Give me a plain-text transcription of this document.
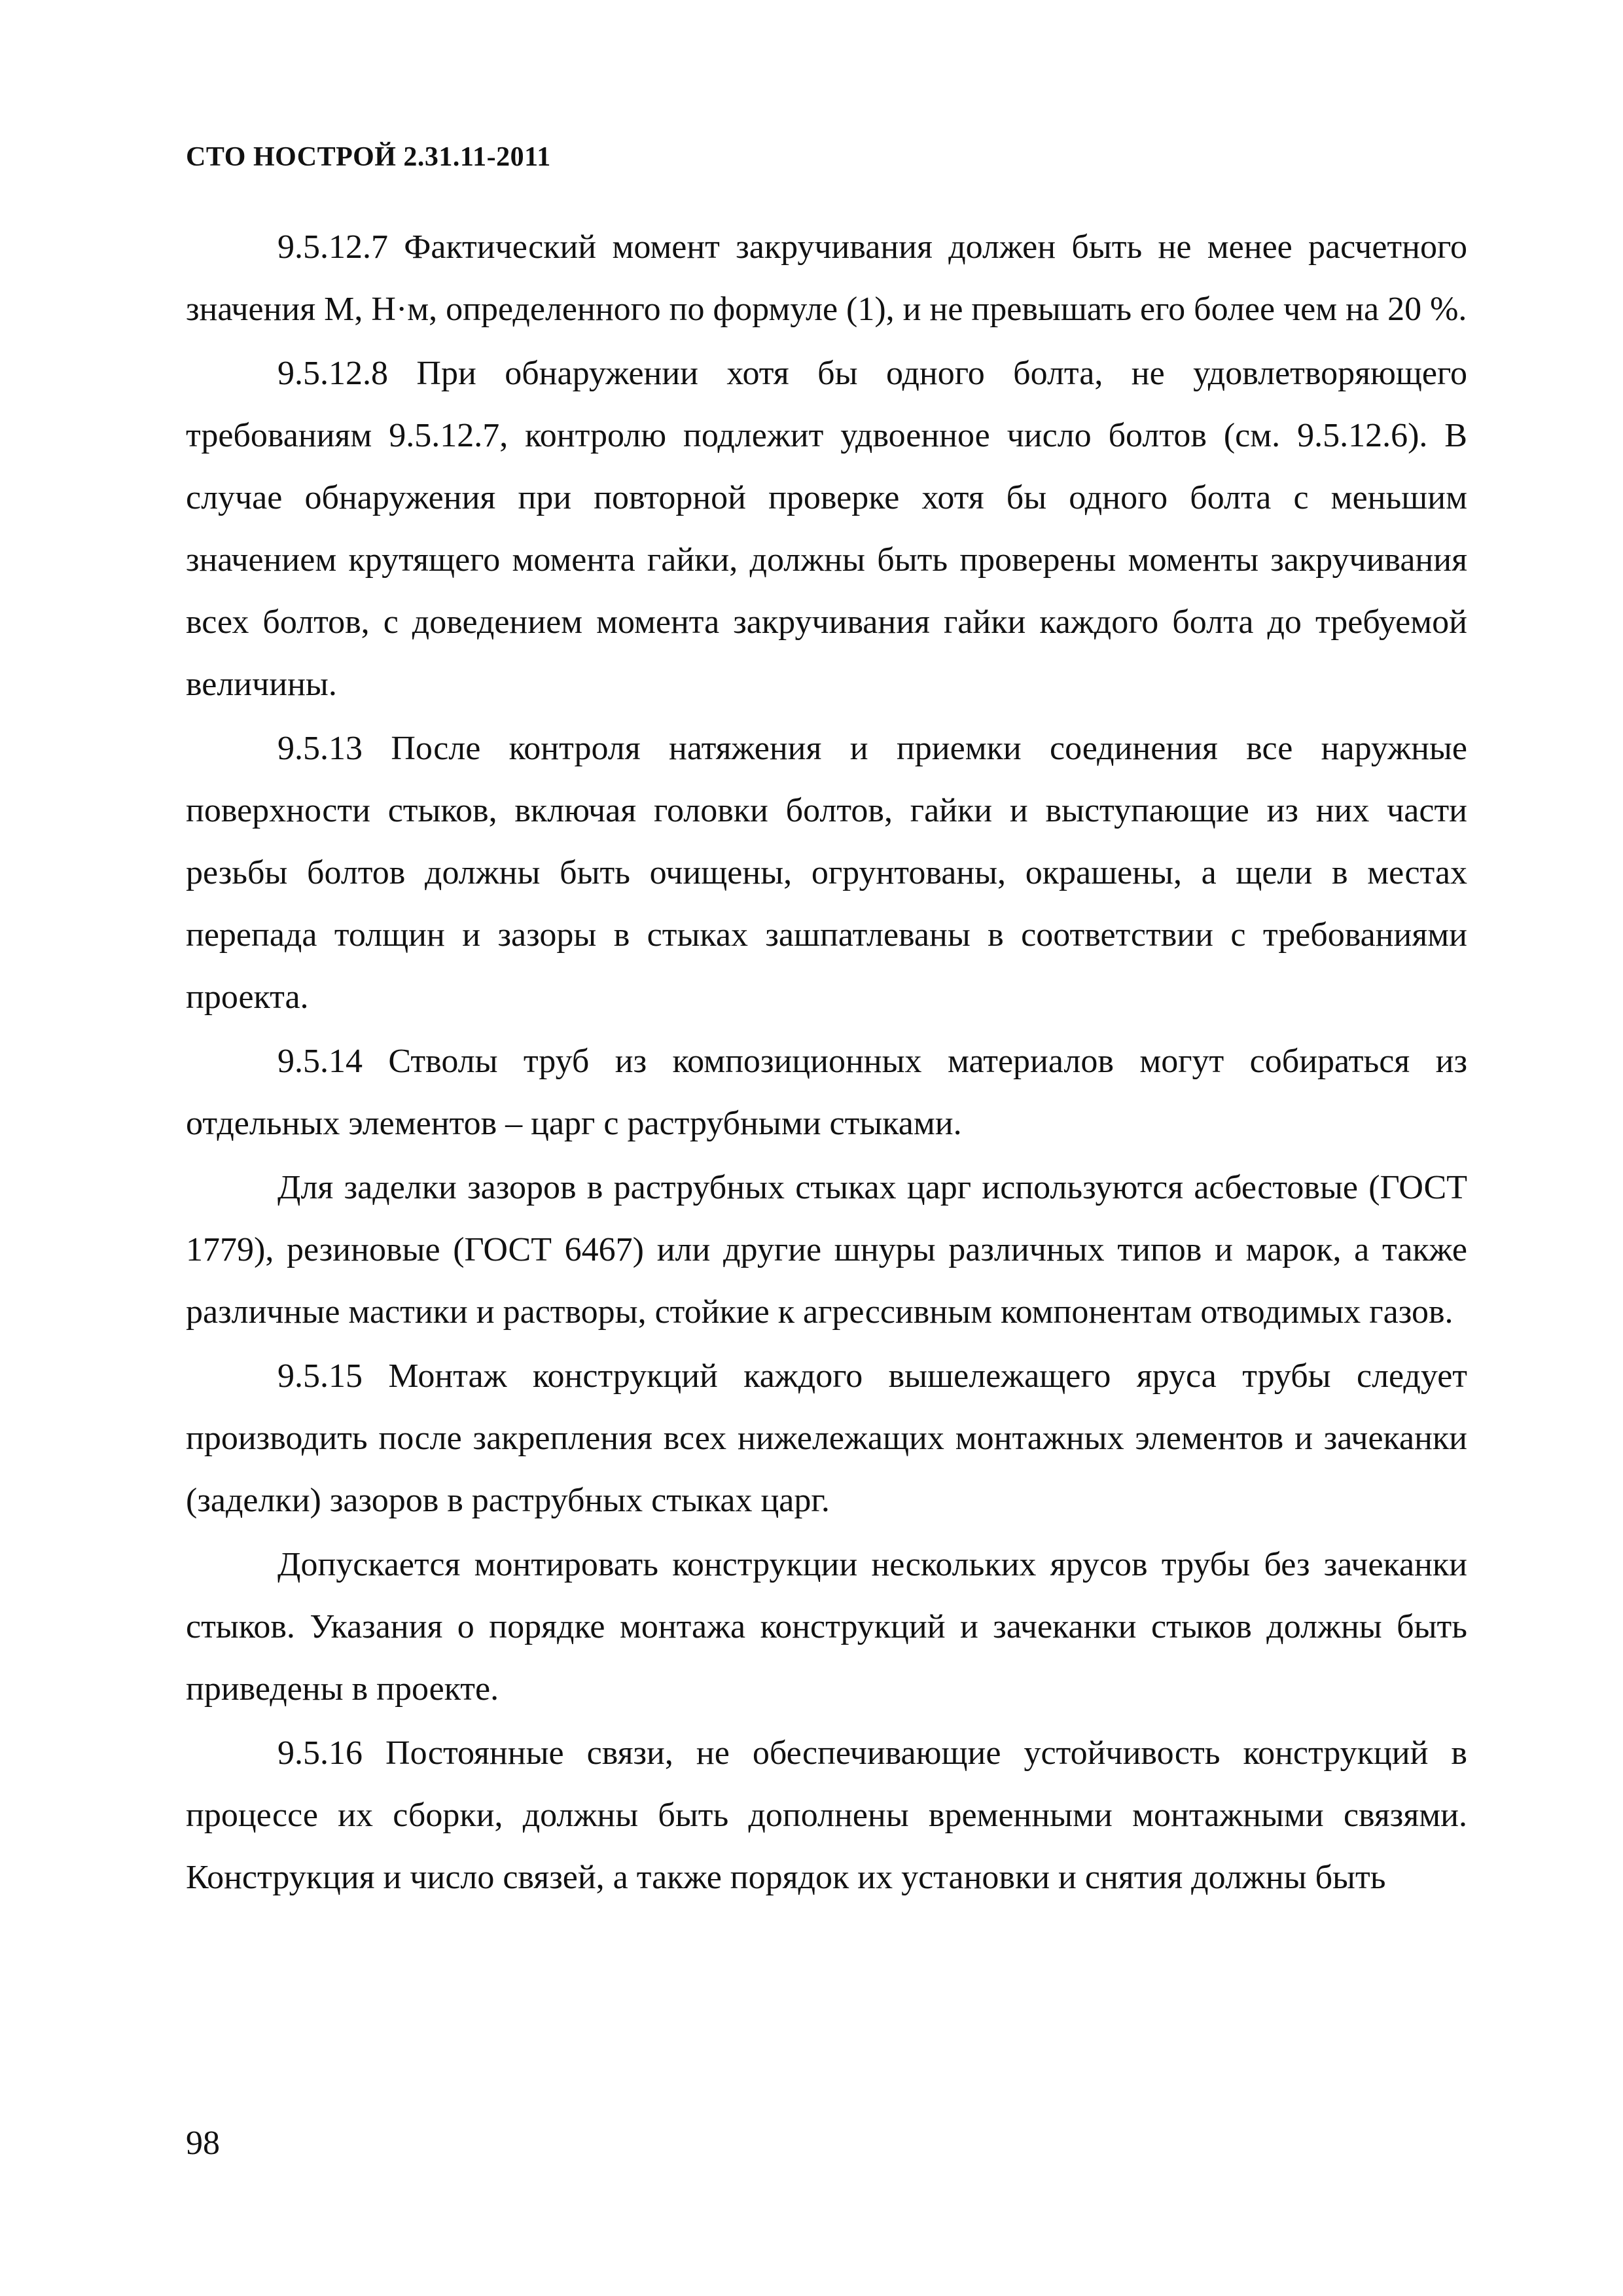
СТО НОСТРОЙ 2.31.11-2011

9.5.12.7 Фактический момент закручивания должен быть не менее расчетного значения М, Н·м, определенного по формуле (1), и не превышать его более чем на 20 %.

9.5.12.8 При обнаружении хотя бы одного болта, не удовлетворяющего требованиям 9.5.12.7, контролю подлежит удвоенное число болтов (см. 9.5.12.6). В случае обнаружения при повторной проверке хотя бы одного болта с меньшим значением крутящего момента гайки, должны быть проверены моменты закручивания всех болтов, с доведением момента закручивания гайки каждого болта до требуемой величины.

9.5.13 После контроля натяжения и приемки соединения все наружные поверхности стыков, включая головки болтов, гайки и выступающие из них части резьбы болтов должны быть очищены, огрунтованы, окрашены, а щели в местах перепада толщин и зазоры в стыках зашпатлеваны в соответствии с требованиями проекта.

9.5.14 Стволы труб из композиционных материалов могут собираться из отдельных элементов – царг с раструбными стыками.

Для заделки зазоров в раструбных стыках царг используются асбестовые (ГОСТ 1779), резиновые (ГОСТ 6467) или другие шнуры различных типов и марок, а также различные мастики и растворы, стойкие к агрессивным компонентам отводимых газов.

9.5.15 Монтаж конструкций каждого вышележащего яруса трубы следует производить после закрепления всех нижележащих монтажных элементов и зачеканки (заделки) зазоров в раструбных стыках царг.

Допускается монтировать конструкции нескольких ярусов трубы без зачеканки стыков. Указания о порядке монтажа конструкций и зачеканки стыков должны быть приведены в проекте.

9.5.16 Постоянные связи, не обеспечивающие устойчивость конструкций в процессе их сборки, должны быть дополнены временными монтажными связями. Конструкция и число связей, а также порядок их установки и снятия должны быть

98
